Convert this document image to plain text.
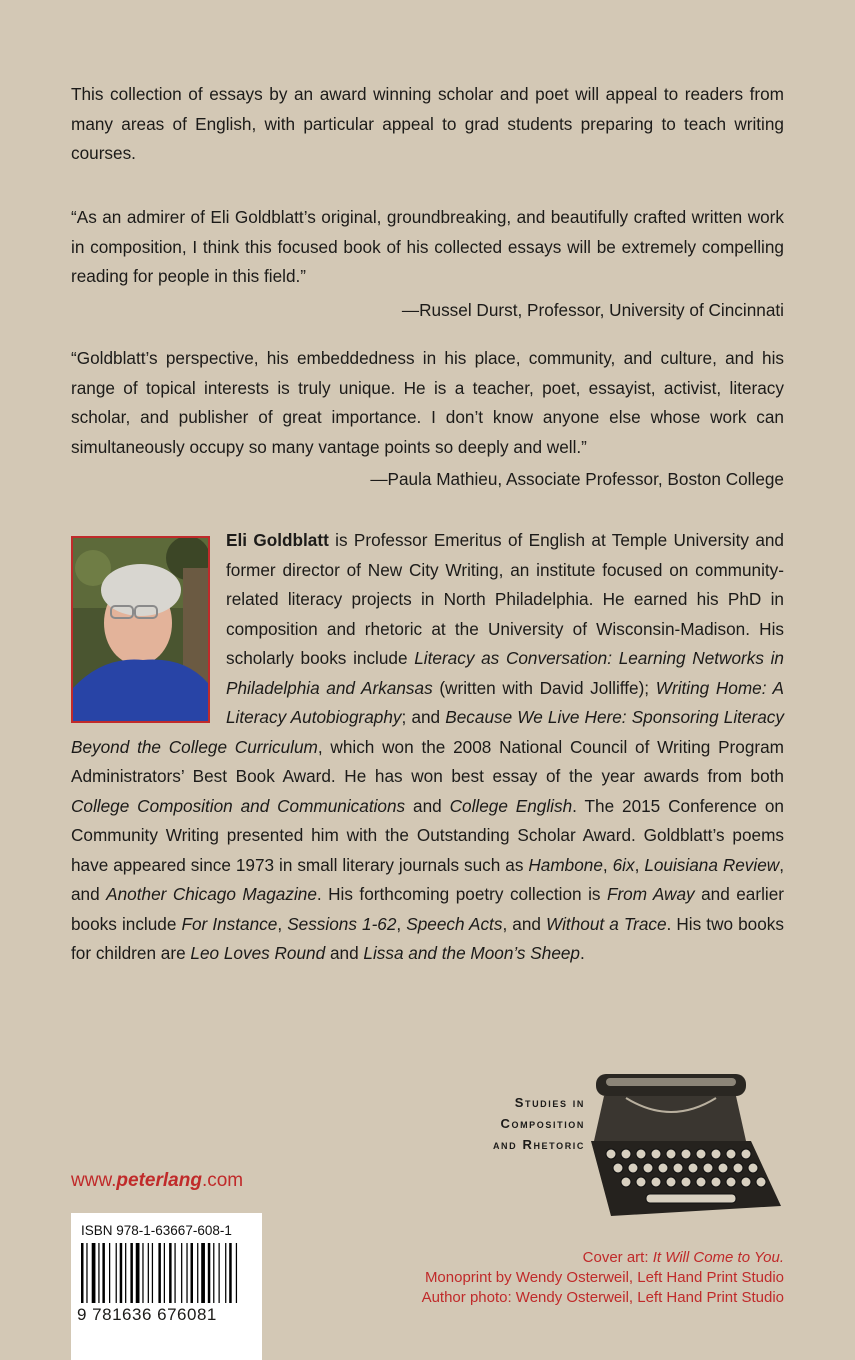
This collection of essays by an award winning scholar and poet will appeal to readers from many areas of English, with particular appeal to grad students preparing to teach writing courses.

“As an admirer of Eli Goldblatt’s original, groundbreaking, and beautifully crafted written work in composition, I think this focused book of his collected essays will be extremely compelling reading for people in this field.”

—Russel Durst, Professor, University of Cincinnati

“Goldblatt’s perspective, his embeddedness in his place, community, and culture, and his range of topical interests is truly unique. He is a teacher, poet, essayist, activist, literacy scholar, and publisher of great importance. I don’t know anyone else whose work can simultaneously occupy so many vantage points so deeply and well.”

—Paula Mathieu, Associate Professor, Boston College
Eli Goldblatt is Professor Emeritus of English at Temple University and former director of New City Writing, an institute focused on community-related literacy projects in North Philadelphia. He earned his PhD in composition and rhetoric at the University of Wisconsin-Madison. His scholarly books include Literacy as Conversation: Learning Networks in Philadelphia and Arkansas (written with David Jolliffe); Writing Home: A Literacy Autobiography; and Because We Live Here: Sponsoring Literacy Beyond the College Curriculum, which won the 2008 National Council of Writing Program Administrators’ Best Book Award. He has won best essay of the year awards from both College Composition and Communications and College English. The 2015 Conference on Community Writing presented him with the Outstanding Scholar Award. Goldblatt’s poems have appeared since 1973 in small literary journals such as Hambone, 6ix, Louisiana Review, and Another Chicago Magazine. His forthcoming poetry collection is From Away and earlier books include For Instance, Sessions 1-62, Speech Acts, and Without a Trace. His two books for children are Leo Loves Round and Lissa and the Moon’s Sheep.
Studies in
Composition
and Rhetoric
www.peterlang.com
ISBN 978-1-63667-608-1
9 781636 676081
Cover art: It Will Come to You.
Monoprint by Wendy Osterweil, Left Hand Print Studio
Author photo: Wendy Osterweil, Left Hand Print Studio
